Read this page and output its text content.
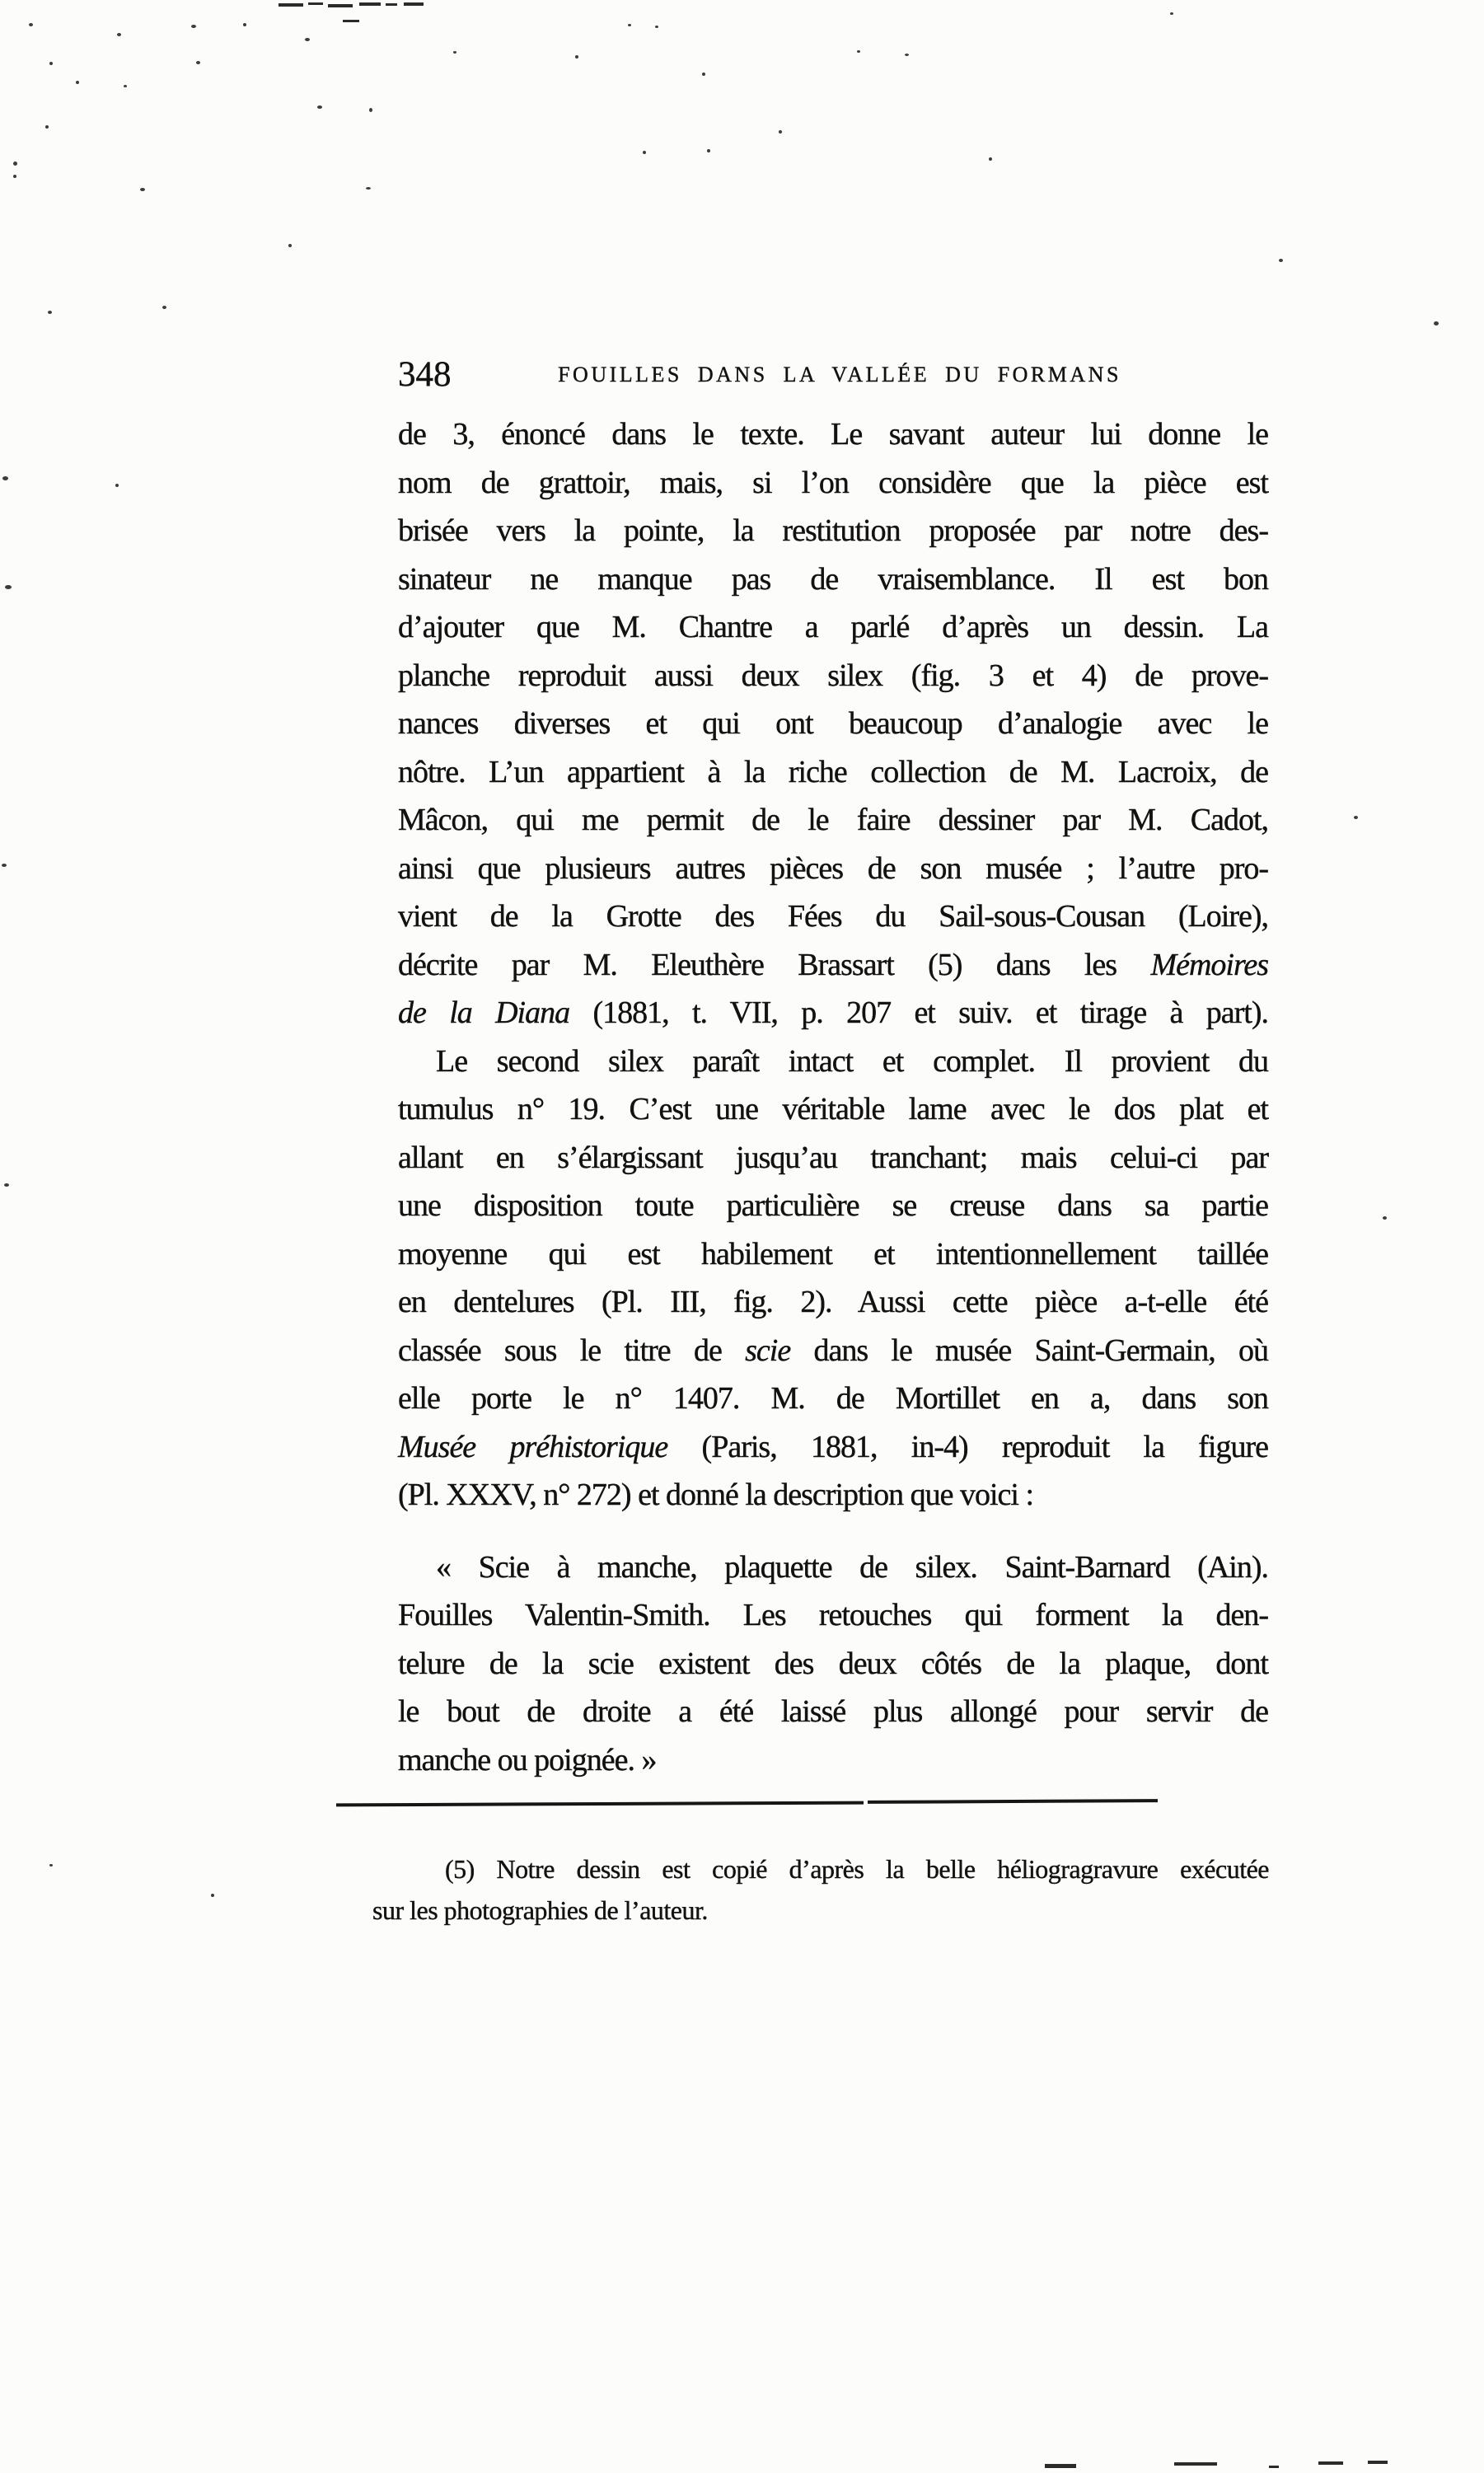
348	FOUILLES DANS LA VALLÉE DU FORMANS
de 3, énoncé dans le texte. Le savant auteur lui donne le
nom de grattoir, mais, si l’on considère que la pièce est
brisée vers la pointe, la restitution proposée par notre des-
sinateur ne manque pas de vraisemblance. Il est bon
d’ajouter que M. Chantre a parlé d’après un dessin. La
planche reproduit aussi deux silex (fig. 3 et 4) de prove-
nances diverses et qui ont beaucoup d’analogie avec le
nôtre. L’un appartient à la riche collection de M. Lacroix, de
Mâcon, qui me permit de le faire dessiner par M. Cadot,
ainsi que plusieurs autres pièces de son musée ; l’autre pro-
vient de la Grotte des Fées du Sail-sous-Cousan (Loire),
décrite par M. Eleuthère Brassart (5) dans les Mémoires
de la Diana (1881, t. VII, p. 207 et suiv. et tirage à part).
Le second silex paraît intact et complet. Il provient du
tumulus n° 19. C’est une véritable lame avec le dos plat et
allant en s’élargissant jusqu’au tranchant; mais celui-ci par
une disposition toute particulière se creuse dans sa partie
moyenne qui est habilement et intentionnellement taillée
en dentelures (Pl. III, fig. 2). Aussi cette pièce a-t-elle été
classée sous le titre de scie dans le musée Saint-Germain, où
elle porte le n° 1407. M. de Mortillet en a, dans son
Musée préhistorique (Paris, 1881, in-4) reproduit la figure
(Pl. XXXV, n° 272) et donné la description que voici :
« Scie à manche, plaquette de silex. Saint-Barnard (Ain).
Fouilles Valentin-Smith. Les retouches qui forment la den-
telure de la scie existent des deux côtés de la plaque, dont
le bout de droite a été laissé plus allongé pour servir de
manche ou poignée. »
(5) Notre dessin est copié d’après la belle héliogragravure exécutée
sur les photographies de l’auteur.
